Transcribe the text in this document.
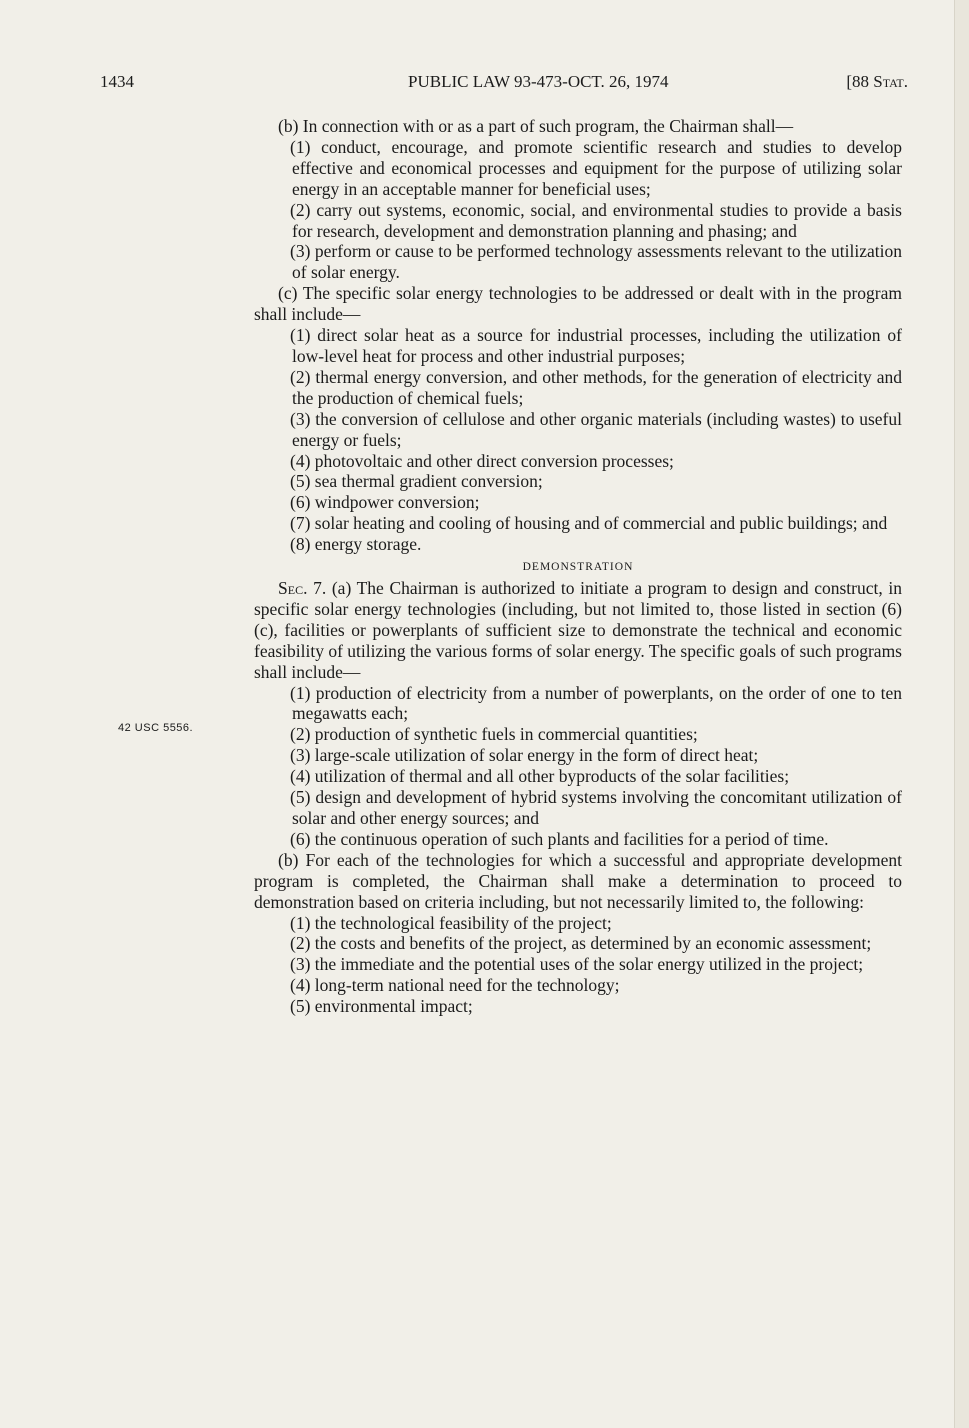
1434	PUBLIC LAW 93-473-OCT. 26, 1974	[88 Stat.
42 USC 5556.

(b) In connection with or as a part of such program, the Chairman shall—

(1) conduct, encourage, and promote scientific research and studies to develop effective and economical processes and equipment for the purpose of utilizing solar energy in an acceptable manner for beneficial uses;

(2) carry out systems, economic, social, and environmental studies to provide a basis for research, development and demonstration planning and phasing; and

(3) perform or cause to be performed technology assessments relevant to the utilization of solar energy.

(c) The specific solar energy technologies to be addressed or dealt with in the program shall include—

(1) direct solar heat as a source for industrial processes, including the utilization of low-level heat for process and other industrial purposes;

(2) thermal energy conversion, and other methods, for the generation of electricity and the production of chemical fuels;

(3) the conversion of cellulose and other organic materials (including wastes) to useful energy or fuels;

(4) photovoltaic and other direct conversion processes;

(5) sea thermal gradient conversion;

(6) windpower conversion;

(7) solar heating and cooling of housing and of commercial and public buildings; and

(8) energy storage.

DEMONSTRATION

Sec. 7. (a) The Chairman is authorized to initiate a program to design and construct, in specific solar energy technologies (including, but not limited to, those listed in section (6)(c), facilities or powerplants of sufficient size to demonstrate the technical and economic feasibility of utilizing the various forms of solar energy. The specific goals of such programs shall include—

(1) production of electricity from a number of powerplants, on the order of one to ten megawatts each;

(2) production of synthetic fuels in commercial quantities;

(3) large-scale utilization of solar energy in the form of direct heat;

(4) utilization of thermal and all other byproducts of the solar facilities;

(5) design and development of hybrid systems involving the concomitant utilization of solar and other energy sources; and

(6) the continuous operation of such plants and facilities for a period of time.

(b) For each of the technologies for which a successful and appropriate development program is completed, the Chairman shall make a determination to proceed to demonstration based on criteria including, but not necessarily limited to, the following:

(1) the technological feasibility of the project;

(2) the costs and benefits of the project, as determined by an economic assessment;

(3) the immediate and the potential uses of the solar energy utilized in the project;

(4) long-term national need for the technology;

(5) environmental impact;
